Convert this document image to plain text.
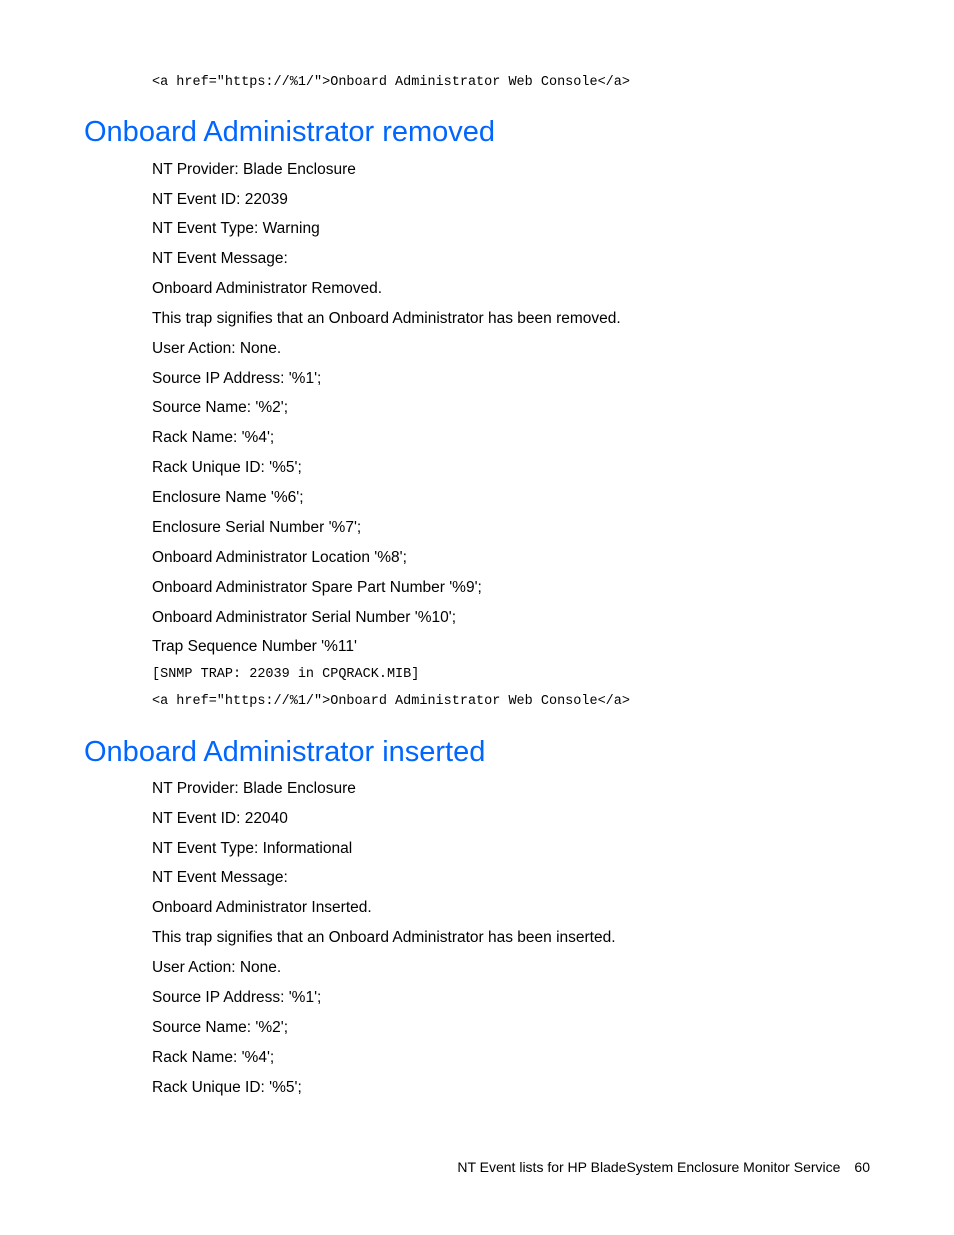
<a href="https://%1/">Onboard Administrator Web Console</a>
Onboard Administrator removed
NT Provider: Blade Enclosure
NT Event ID: 22039
NT Event Type: Warning
NT Event Message:
Onboard Administrator Removed.
This trap signifies that an Onboard Administrator has been removed.
User Action: None.
Source IP Address: '%1';
Source Name: '%2';
Rack Name: '%4';
Rack Unique ID: '%5';
Enclosure Name '%6';
Enclosure Serial Number '%7';
Onboard Administrator Location '%8';
Onboard Administrator Spare Part Number '%9';
Onboard Administrator Serial Number '%10';
Trap Sequence Number '%11'
[SNMP TRAP: 22039 in CPQRACK.MIB]
<a href="https://%1/">Onboard Administrator Web Console</a>
Onboard Administrator inserted
NT Provider: Blade Enclosure
NT Event ID: 22040
NT Event Type: Informational
NT Event Message:
Onboard Administrator Inserted.
This trap signifies that an Onboard Administrator has been inserted.
User Action: None.
Source IP Address: '%1';
Source Name: '%2';
Rack Name: '%4';
Rack Unique ID: '%5';
NT Event lists for HP BladeSystem Enclosure Monitor Service 60
